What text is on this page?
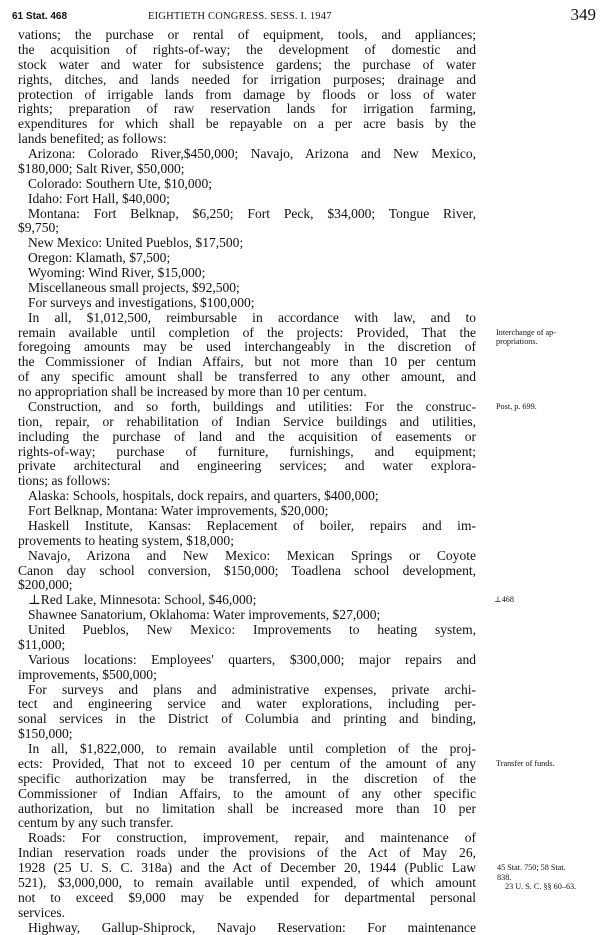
61 Stat. 468	EIGHTIETH CONGRESS. SESS. I. 1947	349
vations; the purchase or rental of equipment, tools, and appliances;
the acquisition of rights-of-way; the development of domestic and
stock water and water for subsistence gardens; the purchase of water
rights, ditches, and lands needed for irrigation purposes; drainage and
protection of irrigable lands from damage by floods or loss of water
rights; preparation of raw reservation lands for irrigation farming,
expenditures for which shall be repayable on a per acre basis by the
lands benefited; as follows:
Arizona: Colorado River,$450,000; Navajo, Arizona and New Mexico,
$180,000; Salt River, $50,000;
Colorado: Southern Ute, $10,000;
Idaho: Fort Hall, $40,000;
Montana: Fort Belknap, $6,250; Fort Peck, $34,000; Tongue River,
$9,750;
New Mexico: United Pueblos, $17,500;
Oregon: Klamath, $7,500;
Wyoming: Wind River, $15,000;
Miscellaneous small projects, $92,500;
For surveys and investigations, $100,000;
In all, $1,012,500, reimbursable in accordance with law, and to
remain available until completion of the projects: Provided, That the
foregoing amounts may be used interchangeably in the discretion of
the Commissioner of Indian Affairs, but not more than 10 per centum
of any specific amount shall be transferred to any other amount, and
no appropriation shall be increased by more than 10 per centum.
Construction, and so forth, buildings and utilities: For the construc-
tion, repair, or rehabilitation of Indian Service buildings and utilities,
including the purchase of land and the acquisition of easements or
rights-of-way; purchase of furniture, furnishings, and equipment;
private architectural and engineering services; and water explora-
tions; as follows:
Alaska: Schools, hospitals, dock repairs, and quarters, $400,000;
Fort Belknap, Montana: Water improvements, $20,000;
Haskell Institute, Kansas: Replacement of boiler, repairs and im-
provements to heating system, $18,000;
Navajo, Arizona and New Mexico: Mexican Springs or Coyote
Canon day school conversion, $150,000; Toadlena school development,
$200,000;
⊥Red Lake, Minnesota: School, $46,000;
Shawnee Sanatorium, Oklahoma: Water improvements, $27,000;
United Pueblos, New Mexico: Improvements to heating system,
$11,000;
Various locations: Employees' quarters, $300,000; major repairs and
improvements, $500,000;
For surveys and plans and administrative expenses, private archi-
tect and engineering service and water explorations, including per-
sonal services in the District of Columbia and printing and binding,
$150,000;
In all, $1,822,000, to remain available until completion of the proj-
ects: Provided, That not to exceed 10 per centum of the amount of any
specific authorization may be transferred, in the discretion of the
Commissioner of Indian Affairs, to the amount of any other specific
authorization, but no limitation shall be increased more than 10 per
centum by any such transfer.
Roads: For construction, improvement, repair, and maintenance of
Indian reservation roads under the provisions of the Act of May 26,
1928 (25 U. S. C. 318a) and the Act of December 20, 1944 (Public Law
521), $3,000,000, to remain available until expended, of which amount
not to exceed $9,000 may be expended for departmental personal
services.
Highway, Gallup-Shiprock, Navajo Reservation: For maintenance
Interchange of ap-
propriations.
Post, p. 699.
⊥468
Transfer of funds.
45 Stat. 750; 58 Stat.
838.
23 U. S. C. §§ 60–63.
